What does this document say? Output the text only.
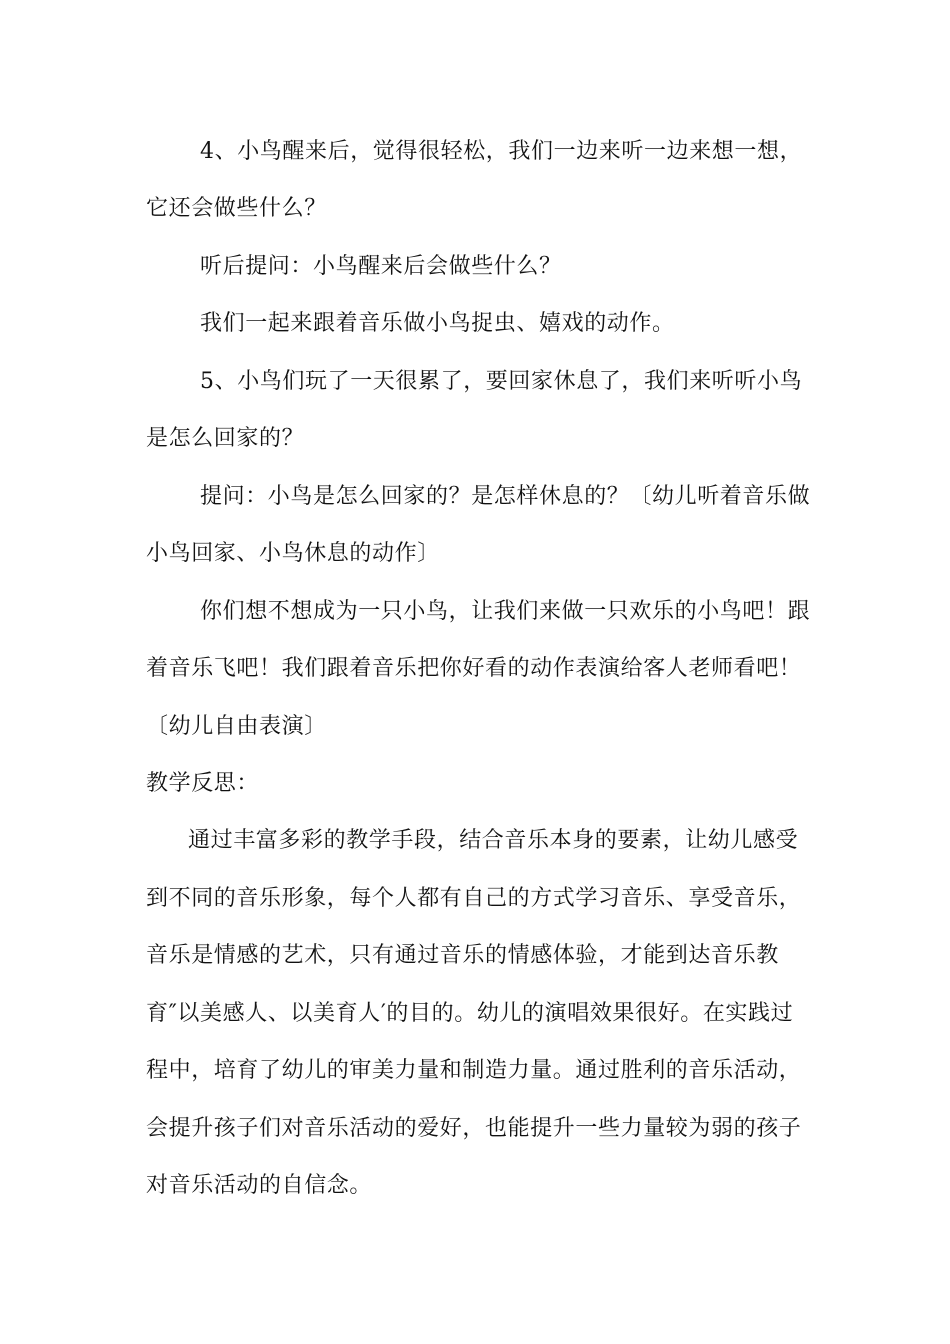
4、小鸟醒来后，觉得很轻松，我们一边来听一边来想一想，
它还会做些什么？
听后提问：小鸟醒来后会做些什么？
我们一起来跟着音乐做小鸟捉虫、嬉戏的动作。
5、小鸟们玩了一天很累了，要回家休息了，我们来听听小鸟
是怎么回家的？
提问：小鸟是怎么回家的？是怎样休息的？〔幼儿听着音乐做
小鸟回家、小鸟休息的动作〕
你们想不想成为一只小鸟，让我们来做一只欢乐的小鸟吧！跟
着音乐飞吧！我们跟着音乐把你好看的动作表演给客人老师看吧！
〔幼儿自由表演〕
教学反思：
通过丰富多彩的教学手段，结合音乐本身的要素，让幼儿感受
到不同的音乐形象，每个人都有自己的方式学习音乐、享受音乐，
音乐是情感的艺术，只有通过音乐的情感体验，才能到达音乐教
育″以美感人、以美育人′的目的。幼儿的演唱效果很好。在实践过
程中，培育了幼儿的审美力量和制造力量。通过胜利的音乐活动，
会提升孩子们对音乐活动的爱好，也能提升一些力量较为弱的孩子
对音乐活动的自信念。
